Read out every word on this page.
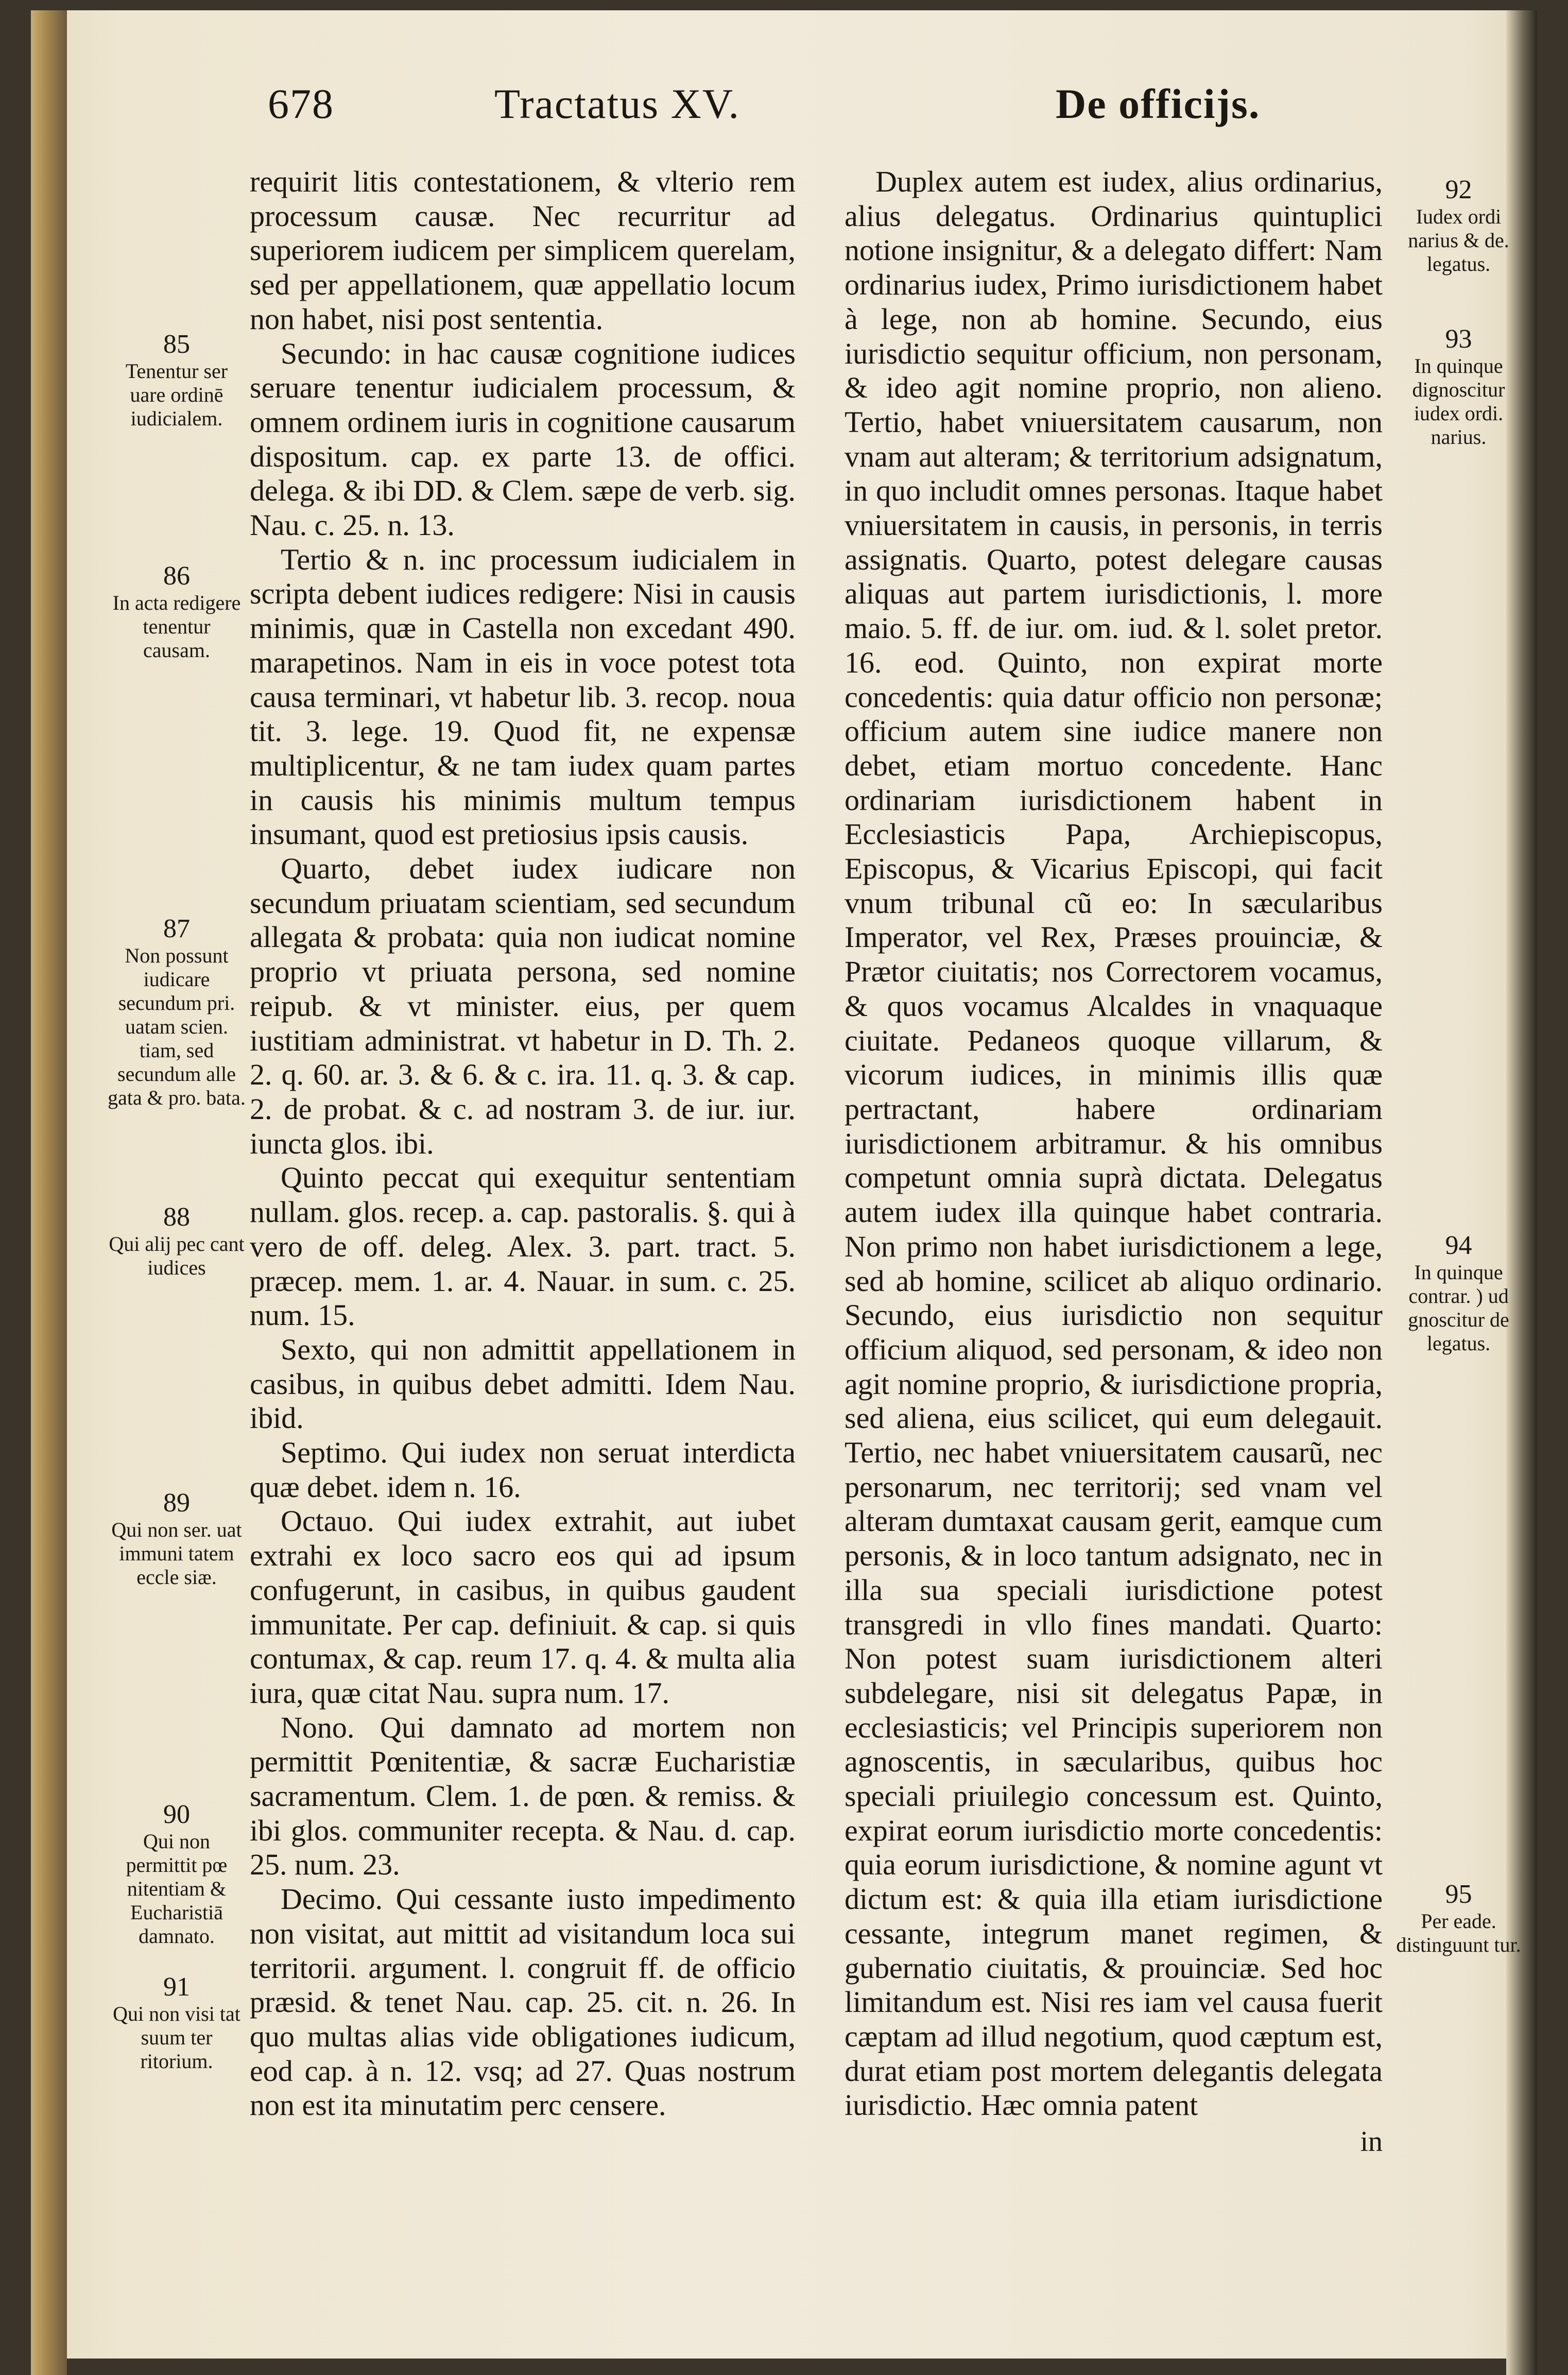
678	Tractatus XV.	De officijs.

requirit litis contestationem, & vlterio rem processum causæ. Nec recurritur ad superiorem iudicem per simplicem querelam, sed per appellationem, quæ appellatio locum non habet, nisi post sententia.

Secundo: in hac causæ cognitione iudices seruare tenentur iudicialem processum, & omnem ordinem iuris in cognitione causarum dispositum. cap. ex parte 13. de offici. delega. & ibi DD. & Clem. sæpe de verb. sig. Nau. c. 25. n. 13.

Tertio & n. inc processum iudicialem in scripta debent iudices redigere: Nisi in causis minimis, quæ in Castella non excedant 490. marapetinos. Nam in eis in voce potest tota causa terminari, vt habetur lib. 3. recop. noua tit. 3. lege. 19. Quod fit, ne expensæ multiplicentur, & ne tam iudex quam partes in causis his minimis multum tempus insumant, quod est pretiosius ipsis causis.

Quarto, debet iudex iudicare non secundum priuatam scientiam, sed secundum allegata & probata: quia non iudicat nomine proprio vt priuata persona, sed nomine reipub. & vt minister. eius, per quem iustitiam administrat. vt habetur in D. Th. 2. 2. q. 60. ar. 3. & 6. & c. ira. 11. q. 3. & cap. 2. de probat. & c. ad nostram 3. de iur. iur. iuncta glos. ibi.

Quinto peccat qui exequitur sententiam nullam. glos. recep. a. cap. pastoralis. §. qui à vero de off. deleg. Alex. 3. part. tract. 5. præcep. mem. 1. ar. 4. Nauar. in sum. c. 25. num. 15.

Sexto, qui non admittit appellationem in casibus, in quibus debet admitti. Idem Nau. ibid.

Septimo. Qui iudex non seruat interdicta quæ debet. idem n. 16.

Octauo. Qui iudex extrahit, aut iubet extrahi ex loco sacro eos qui ad ipsum confugerunt, in casibus, in quibus gaudent immunitate. Per cap. definiuit. & cap. si quis contumax, & cap. reum 17. q. 4. & multa alia iura, quæ citat Nau. supra num. 17.

Nono. Qui damnato ad mortem non permittit Pœnitentiæ, & sacræ Eucharistiæ sacramentum. Clem. 1. de pœn. & remiss. & ibi glos. communiter recepta. & Nau. d. cap. 25. num. 23.

Decimo. Qui cessante iusto impedimento non visitat, aut mittit ad visitandum loca sui territorii. argument. l. congruit ff. de officio præsid. & tenet Nau. cap. 25. cit. n. 26. In quo multas alias vide obligationes iudicum, eod cap. à n. 12. vsq; ad 27. Quas nostrum non est ita minutatim perc censere.

Duplex autem est iudex, alius ordinarius, alius delegatus. Ordinarius quintuplici notione insignitur, & a delegato differt: Nam ordinarius iudex, Primo iurisdictionem habet à lege, non ab homine. Secundo, eius iurisdictio sequitur officium, non personam, & ideo agit nomine proprio, non alieno. Tertio, habet vniuersitatem causarum, non vnam aut alteram; & territorium adsignatum, in quo includit omnes personas. Itaque habet vniuersitatem in causis, in personis, in terris assignatis. Quarto, potest delegare causas aliquas aut partem iurisdictionis, l. more maio. 5. ff. de iur. om. iud. & l. solet pretor. 16. eod. Quinto, non expirat morte concedentis: quia datur officio non personæ; officium autem sine iudice manere non debet, etiam mortuo concedente. Hanc ordinariam iurisdictionem habent in Ecclesiasticis Papa, Archiepiscopus, Episcopus, & Vicarius Episcopi, qui facit vnum tribunal cũ eo: In sæcularibus Imperator, vel Rex, Præses prouinciæ, & Prætor ciuitatis; nos Correctorem vocamus, & quos vocamus Alcaldes in vnaquaque ciuitate. Pedaneos quoque villarum, & vicorum iudices, in minimis illis quæ pertractant, habere ordinariam iurisdictionem arbitramur. & his omnibus competunt omnia suprà dictata. Delegatus autem iudex illa quinque habet contraria. Non primo non habet iurisdictionem a lege, sed ab homine, scilicet ab aliquo ordinario. Secundo, eius iurisdictio non sequitur officium aliquod, sed personam, & ideo non agit nomine proprio, & iurisdictione propria, sed aliena, eius scilicet, qui eum delegauit. Tertio, nec habet vniuersitatem causarũ, nec personarum, nec territorij; sed vnam vel alteram dumtaxat causam gerit, eamque cum personis, & in loco tantum adsignato, nec in illa sua speciali iurisdictione potest transgredi in vllo fines mandati. Quarto: Non potest suam iurisdictionem alteri subdelegare, nisi sit delegatus Papæ, in ecclesiasticis; vel Principis superiorem non agnoscentis, in sæcularibus, quibus hoc speciali priuilegio concessum est. Quinto, expirat eorum iurisdictio morte concedentis: quia eorum iurisdictione, & nomine agunt vt dictum est: & quia illa etiam iurisdictione cessante, integrum manet regimen, & gubernatio ciuitatis, & prouinciæ. Sed hoc limitandum est. Nisi res iam vel causa fuerit cæptam ad illud negotium, quod cæptum est, durat etiam post mortem delegantis delegata iurisdictio. Hæc omnia patent

in
85
Tenentur ser uare ordinē iudicialem.
86
In acta redigere tenentur causam.
87
Non possunt iudicare secundum pri. uatam scien. tiam, sed secundum alle gata & pro. bata.
88
Qui alij pec cant iudices
89
Qui non ser. uat immuni tatem eccle siæ.
90
Qui non permittit pœ nitentiam & Eucharistiā damnato.
91
Qui non visi tat suum ter ritorium.
92
Iudex ordi narius & de. legatus.
93
In quinque dignoscitur iudex ordi. narius.
94
In quinque contrar. ) ud gnoscitur de legatus.
95
Per eade. distinguunt tur.
